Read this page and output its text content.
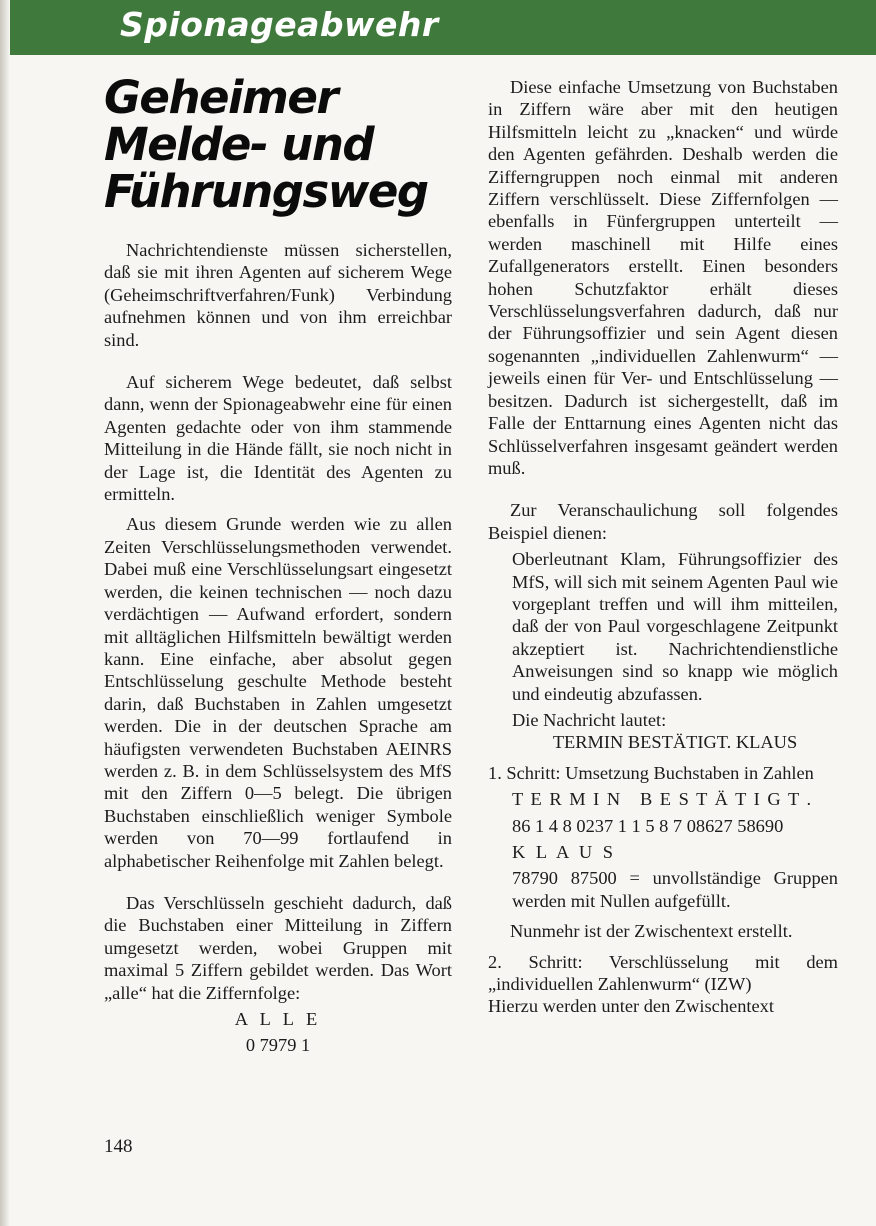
Spionageabwehr
Geheimer
Melde- und
Führungsweg

Nachrichtendienste müssen sicherstellen, daß sie mit ihren Agenten auf sicherem Wege (Geheimschriftverfahren/Funk) Verbindung aufnehmen können und von ihm erreichbar sind.

Auf sicherem Wege bedeutet, daß selbst dann, wenn der Spionageabwehr eine für einen Agenten gedachte oder von ihm stammende Mitteilung in die Hände fällt, sie noch nicht in der Lage ist, die Identität des Agenten zu ermitteln.

Aus diesem Grunde werden wie zu allen Zeiten Verschlüsselungsmethoden verwendet. Dabei muß eine Verschlüsselungsart eingesetzt werden, die keinen technischen — noch dazu verdächtigen — Aufwand erfordert, sondern mit alltäglichen Hilfsmitteln bewältigt werden kann. Eine einfache, aber absolut gegen Entschlüsselung geschulte Methode besteht darin, daß Buchstaben in Zahlen umgesetzt werden. Die in der deutschen Sprache am häufigsten verwendeten Buchstaben AEINRS werden z. B. in dem Schlüsselsystem des MfS mit den Ziffern 0—5 belegt. Die übrigen Buchstaben einschließlich weniger Symbole werden von 70—99 fortlaufend in alphabetischer Reihenfolge mit Zahlen belegt.

Das Verschlüsseln geschieht dadurch, daß die Buchstaben einer Mitteilung in Ziffern umgesetzt werden, wobei Gruppen mit maximal 5 Ziffern gebildet werden. Das Wort „alle“ hat die Ziffernfolge:

A L L E

0 7979 1

Diese einfache Umsetzung von Buchstaben in Ziffern wäre aber mit den heutigen Hilfsmitteln leicht zu „knacken“ und würde den Agenten gefährden. Deshalb werden die Zifferngruppen noch einmal mit anderen Ziffern verschlüsselt. Diese Ziffernfolgen — ebenfalls in Fünfergruppen unterteilt — werden maschinell mit Hilfe eines Zufallgenerators erstellt. Einen besonders hohen Schutzfaktor erhält dieses Verschlüsselungsverfahren dadurch, daß nur der Führungsoffizier und sein Agent diesen sogenannten „individuellen Zahlenwurm“ — jeweils einen für Ver- und Entschlüsselung — besitzen. Dadurch ist sichergestellt, daß im Falle der Enttarnung eines Agenten nicht das Schlüsselverfahren insgesamt geändert werden muß.

Zur Veranschaulichung soll folgendes Beispiel dienen:

Oberleutnant Klam, Führungsoffizier des MfS, will sich mit seinem Agenten Paul wie vorgeplant treffen und will ihm mitteilen, daß der von Paul vorgeschlagene Zeitpunkt akzeptiert ist. Nachrichtendienstliche Anweisungen sind so knapp wie möglich und eindeutig abzufassen.

Die Nachricht lautet:

TERMIN BESTÄTIGT. KLAUS

1. Schritt: Umsetzung Buchstaben in Zahlen

T E R M I N   B E S T Ä T I G T .

86 1 4 8 0237 1 1 5 8 7 08627 58690

K L A U S

78790 87500 = unvollständige Gruppen werden mit Nullen aufgefüllt.

Nunmehr ist der Zwischentext erstellt.

2. Schritt: Verschlüsselung mit dem „individuellen Zahlenwurm“ (IZW)

Hierzu werden unter den Zwischentext

148
